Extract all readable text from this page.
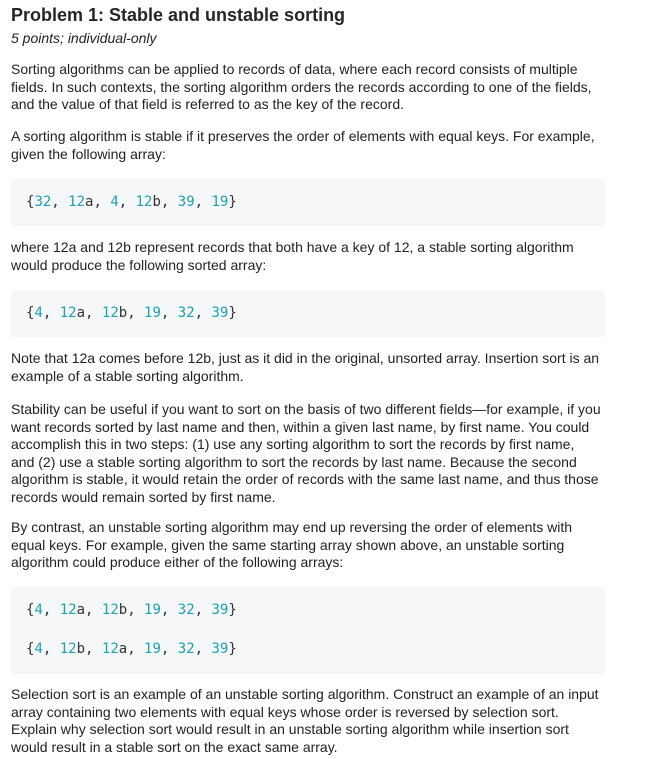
Problem 1: Stable and unstable sorting

5 points; individual-only

Sorting algorithms can be applied to records of data, where each record consists of multiple fields. In such contexts, the sorting algorithm orders the records according to one of the fields, and the value of that field is referred to as the key of the record.

A sorting algorithm is stable if it preserves the order of elements with equal keys. For example, given the following array:

{32, 12a, 4, 12b, 39, 19}

where 12a and 12b represent records that both have a key of 12, a stable sorting algorithm would produce the following sorted array:

{4, 12a, 12b, 19, 32, 39}

Note that 12a comes before 12b, just as it did in the original, unsorted array. Insertion sort is an example of a stable sorting algorithm.

Stability can be useful if you want to sort on the basis of two different fields—for example, if you want records sorted by last name and then, within a given last name, by first name. You could accomplish this in two steps: (1) use any sorting algorithm to sort the records by first name, and (2) use a stable sorting algorithm to sort the records by last name. Because the second algorithm is stable, it would retain the order of records with the same last name, and thus those records would remain sorted by first name.

By contrast, an unstable sorting algorithm may end up reversing the order of elements with equal keys. For example, given the same starting array shown above, an unstable sorting algorithm could produce either of the following arrays:

{4, 12a, 12b, 19, 32, 39}
{4, 12b, 12a, 19, 32, 39}

Selection sort is an example of an unstable sorting algorithm. Construct an example of an input array containing two elements with equal keys whose order is reversed by selection sort. Explain why selection sort would result in an unstable sorting algorithm while insertion sort would result in a stable sort on the exact same array.
